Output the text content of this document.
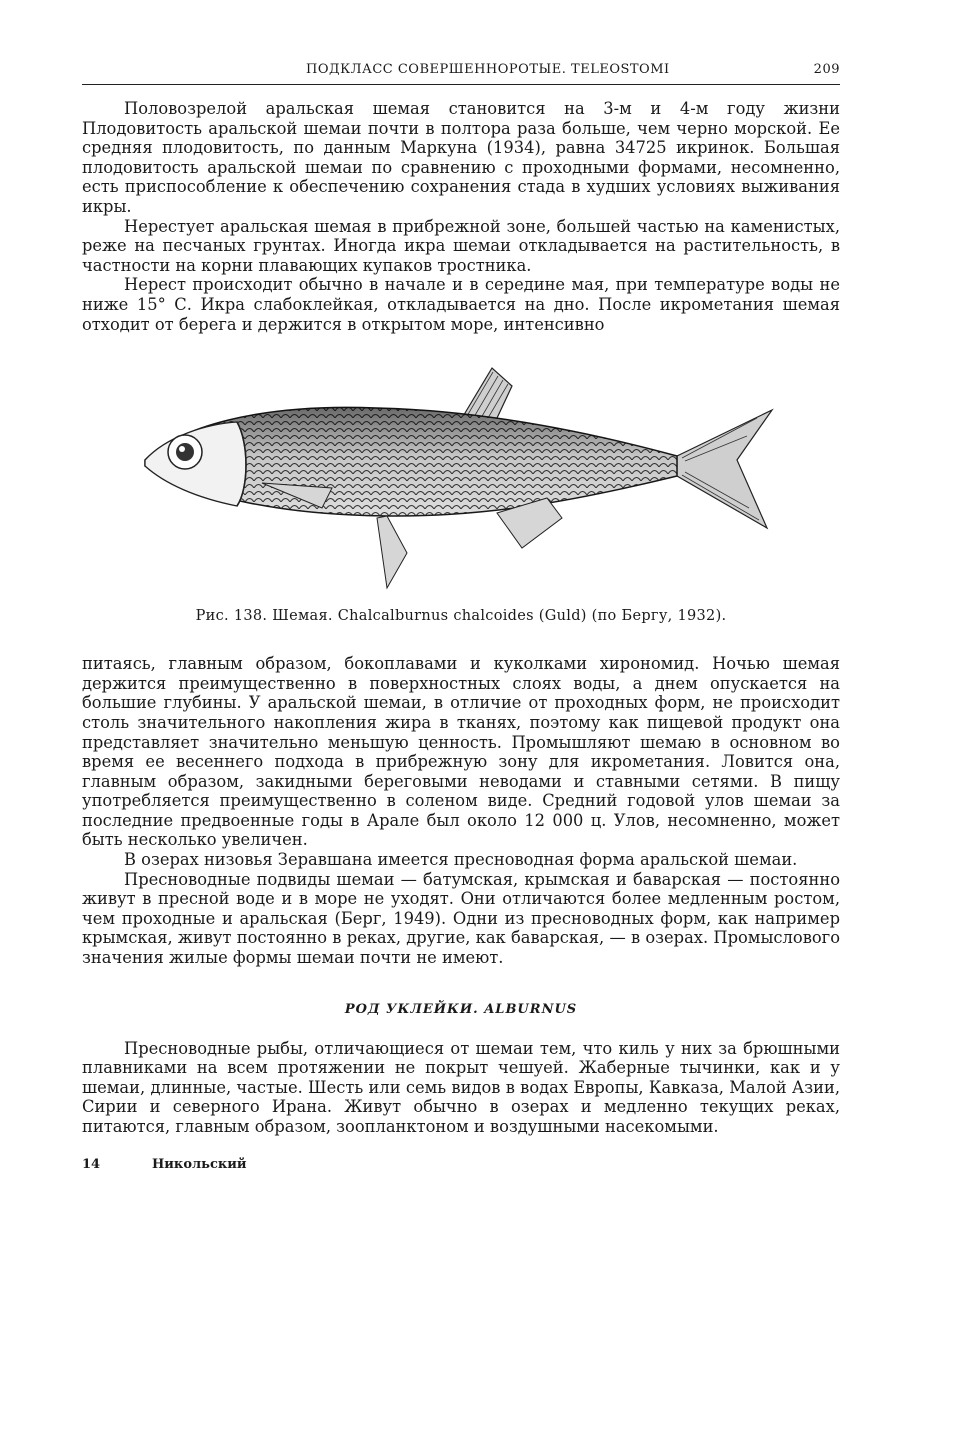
ПОДКЛАСС СОВЕРШЕННОРОТЫЕ. TELEOSTOMI	209

Половозрелой аральская шемая становится на 3-м и 4-м году жизни Плодовитость аральской шемаи почти в полтора раза больше, чем черно морской. Ее средняя плодовитость, по данным Маркуна (1934), равна 34725 икринок. Большая плодовитость аральской шемаи по сравнению с проходными формами, несомненно, есть приспособление к обеспечению сохранения стада в худших условиях выживания икры.

Нерестует аральская шемая в прибрежной зоне, большей частью на каменистых, реже на песчаных грунтах. Иногда икра шемаи откладывается на растительность, в частности на корни плавающих купаков тростника.

Нерест происходит обычно в начале и в середине мая, при температуре воды не ниже 15° С. Икра слабоклейкая, откладывается на дно. После икрометания шемая отходит от берега и держится в открытом море, интенсивно

Рис. 138. Шемая. Chalcalburnus chalcoides (Guld) (по Бергу, 1932).

питаясь, главным образом, бокоплавами и куколками хирономид. Ночью шемая держится преимущественно в поверхностных слоях воды, а днем опускается на большие глубины. У аральской шемаи, в отличие от проходных форм, не происходит столь значительного накопления жира в тканях, поэтому как пищевой продукт она представляет значительно меньшую ценность. Промышляют шемаю в основном во время ее весеннего подхода в прибрежную зону для икрометания. Ловится она, главным образом, закидными береговыми неводами и ставными сетями. В пищу употребляется преимущественно в соленом виде. Средний годовой улов шемаи за последние предвоенные годы в Арале был около 12 000 ц. Улов, несомненно, может быть несколько увеличен.

В озерах низовья Зеравшана имеется пресноводная форма аральской шемаи.

Пресноводные подвиды шемаи — батумская, крымская и баварская — постоянно живут в пресной воде и в море не уходят. Они отличаются более медленным ростом, чем проходные и аральская (Берг, 1949). Одни из пресноводных форм, как например крымская, живут постоянно в реках, другие, как баварская, — в озерах. Промыслового значения жилые формы шемаи почти не имеют.

РОД УКЛЕЙКИ. ALBURNUS

Пресноводные рыбы, отличающиеся от шемаи тем, что киль у них за брюшными плавниками на всем протяжении не покрыт чешуей. Жаберные тычинки, как и у шемаи, длинные, частые. Шесть или семь видов в водах Европы, Кавказа, Малой Азии, Сирии и северного Ирана. Живут обычно в озерах и медленно текущих реках, питаются, главным образом, зоопланктоном и воздушными насекомыми.

14	Никольский
